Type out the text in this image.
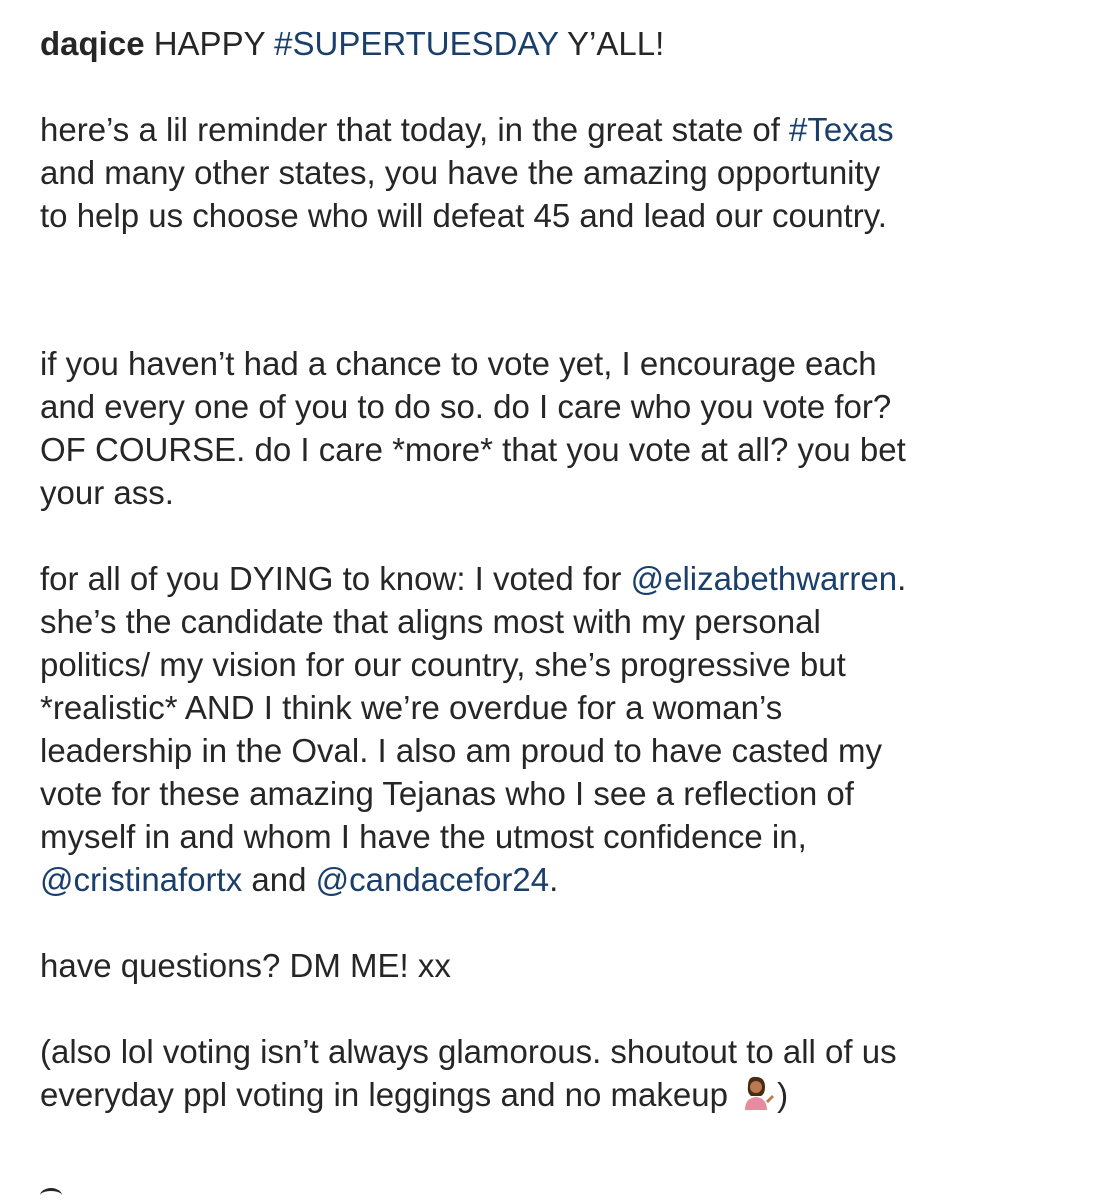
daqice HAPPY #SUPERTUESDAY Y’ALL!
here’s a lil reminder that today, in the great state of #Texas
and many other states, you have the amazing opportunity
to help us choose who will defeat 45 and lead our country.
if you haven’t had a chance to vote yet, I encourage each
and every one of you to do so. do I care who you vote for?
OF COURSE. do I care *more* that you vote at all? you bet
your ass.
for all of you DYING to know: I voted for @elizabethwarren.
she’s the candidate that aligns most with my personal
politics/ my vision for our country, she’s progressive but
*realistic* AND I think we’re overdue for a woman’s
leadership in the Oval. I also am proud to have casted my
vote for these amazing Tejanas who I see a reflection of
myself in and whom I have the utmost confidence in,
@cristinafortx and @candacefor24.
have questions? DM ME! xx
(also lol voting isn’t always glamorous. shoutout to all of us
everyday ppl voting in leggings and no makeup )
